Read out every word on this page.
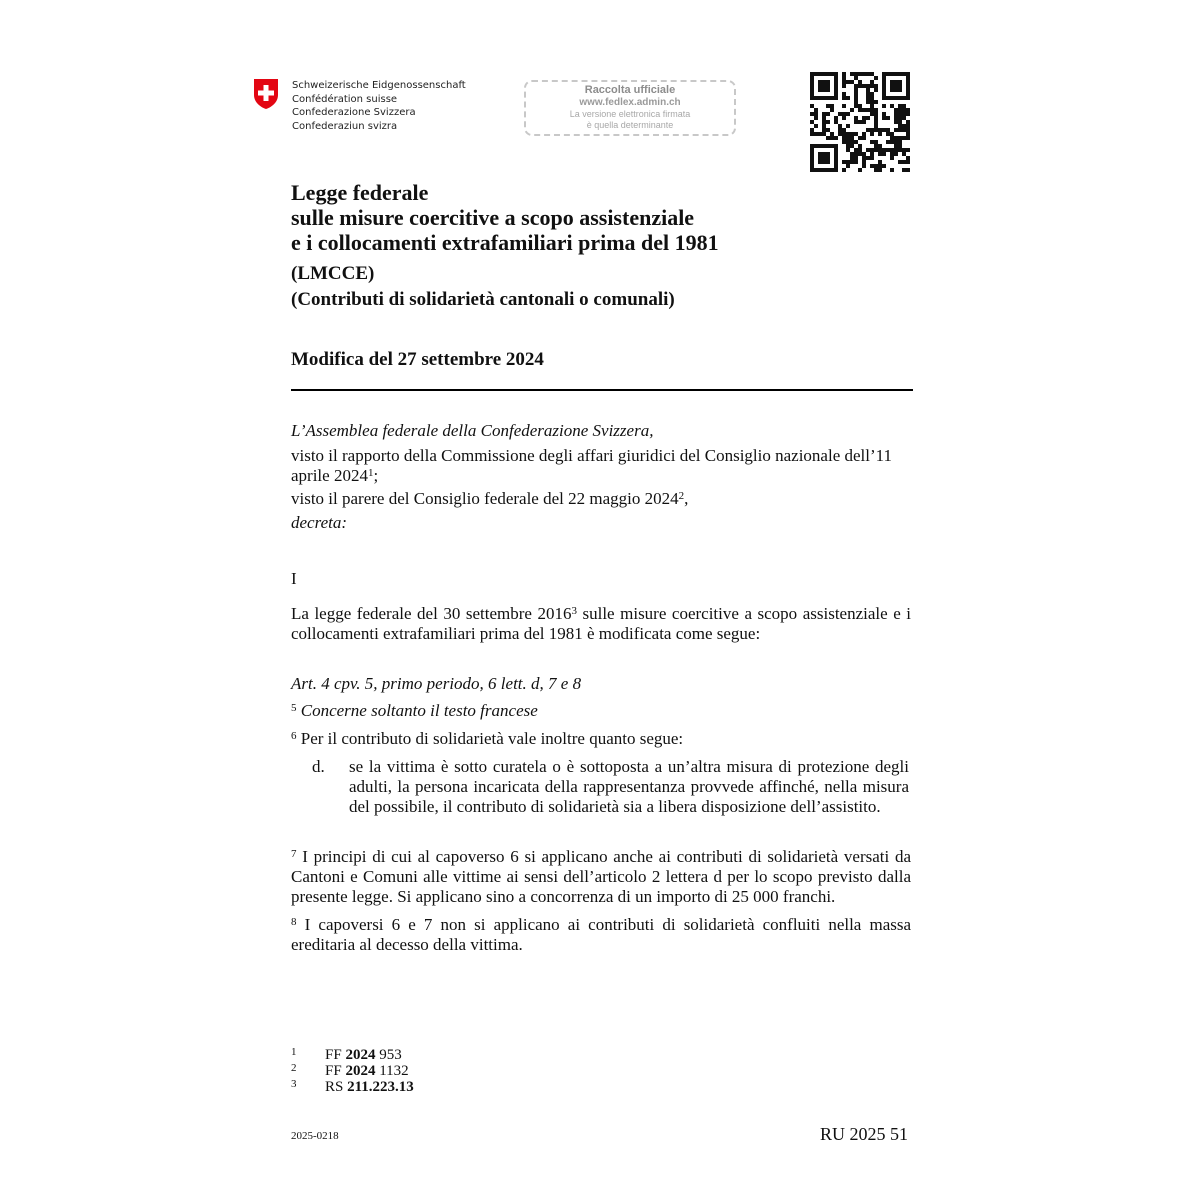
Schweizerische Eidgenossenschaft
Confédération suisse
Confederazione Svizzera
Confederaziun svizra
Raccolta ufficiale
www.fedlex.admin.ch
La versione elettronica firmata
è quella determinante
Legge federale
sulle misure coercitive a scopo assistenziale
e i collocamenti extrafamiliari prima del 1981
(LMCCE)
(Contributi di solidarietà cantonali o comunali)
Modifica del 27 settembre 2024
L’Assemblea federale della Confederazione Svizzera,
visto il rapporto della Commissione degli affari giuridici del Consiglio nazionale dell’11 aprile 2024$^1$;
visto il parere del Consiglio federale del 22 maggio 2024$^2$,
decreta:
I
La legge federale del 30 settembre 2016$^3$ sulle misure coercitive a scopo assistenziale e i collocamenti extrafamiliari prima del 1981 è modificata come segue:
Art. 4 cpv. 5, primo periodo, 6 lett. d, 7 e 8
$^5$ Concerne soltanto il testo francese
$^6$ Per il contributo di solidarietà vale inoltre quanto segue:
d. se la vittima è sotto curatela o è sottoposta a un’altra misura di protezione degli adulti, la persona incaricata della rappresentanza provvede affinché, nella misura del possibile, il contributo di solidarietà sia a libera disposizione dell’assistito.
$^7$ I principi di cui al capoverso 6 si applicano anche ai contributi di solidarietà versati da Cantoni e Comuni alle vittime ai sensi dell’articolo 2 lettera d per lo scopo previsto dalla presente legge. Si applicano sino a concorrenza di un importo di 25 000 franchi.
$^8$ I capoversi 6 e 7 non si applicano ai contributi di solidarietà confluiti nella massa ereditaria al decesso della vittima.
1 FF 2024 953
2 FF 2024 1132
3 RS 211.223.13
2025-0218	RU 2025 51
